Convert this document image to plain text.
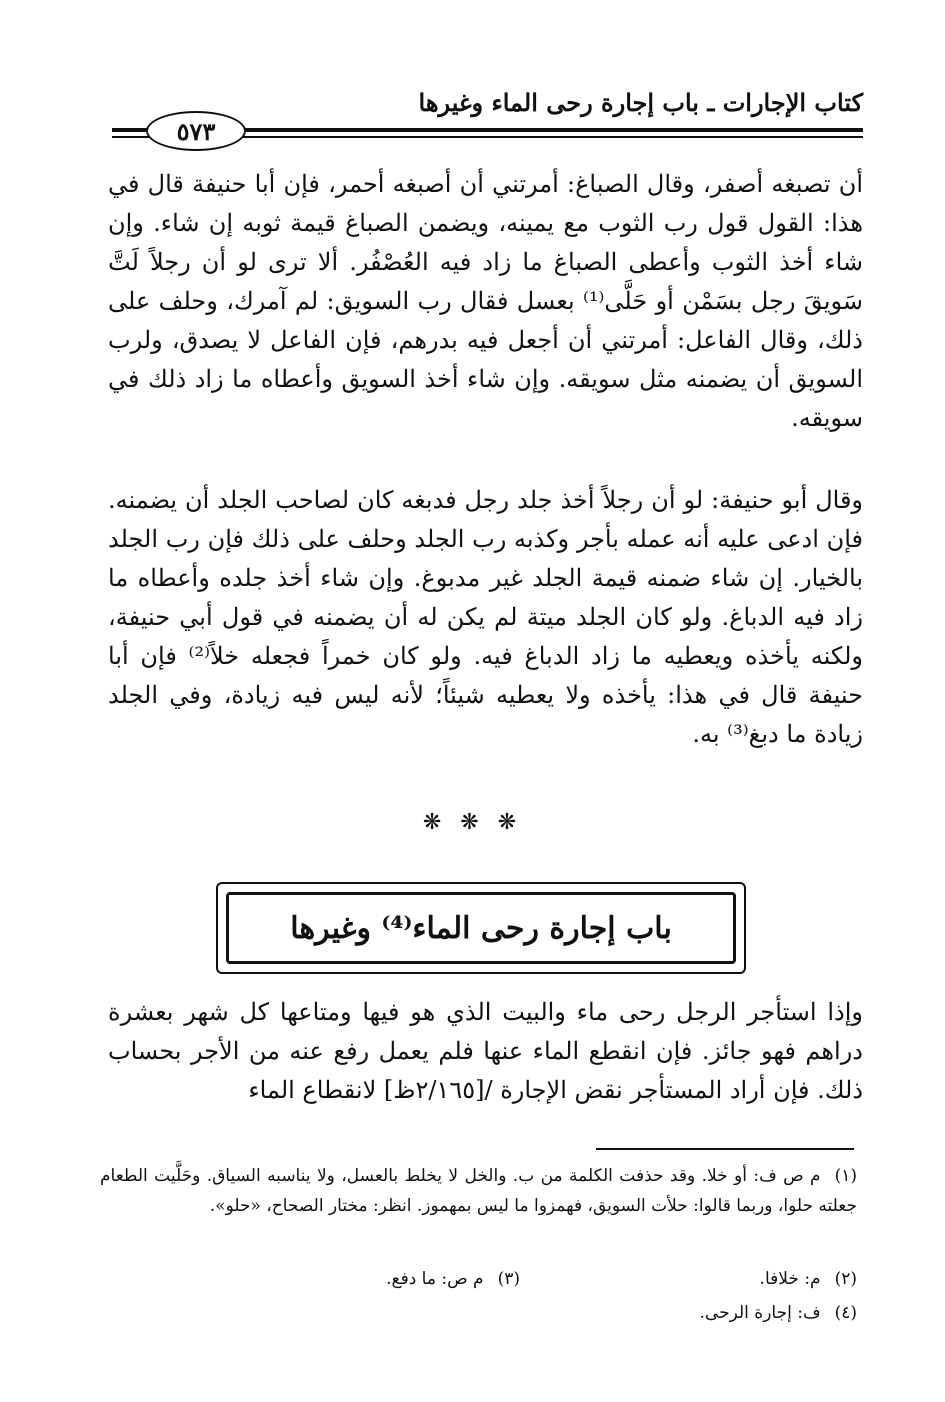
كتاب الإجارات ـ باب إجارة رحى الماء وغيرها
٥٧٣

أن تصبغه أصفر، وقال الصباغ: أمرتني أن أصبغه أحمر، فإن أبا حنيفة قال في هذا: القول قول رب الثوب مع يمينه، ويضمن الصباغ قيمة ثوبه إن شاء. وإن شاء أخذ الثوب وأعطى الصباغ ما زاد فيه العُصْفُر. ألا ترى لو أن رجلاً لَتَّ سَويقَ رجل بسَمْن أو حَلَّى⁽¹⁾ بعسل فقال رب السويق: لم آمرك، وحلف على ذلك، وقال الفاعل: أمرتني أن أجعل فيه بدرهم، فإن الفاعل لا يصدق، ولرب السويق أن يضمنه مثل سويقه. وإن شاء أخذ السويق وأعطاه ما زاد ذلك في سويقه.

وقال أبو حنيفة: لو أن رجلاً أخذ جلد رجل فدبغه كان لصاحب الجلد أن يضمنه. فإن ادعى عليه أنه عمله بأجر وكذبه رب الجلد وحلف على ذلك فإن رب الجلد بالخيار. إن شاء ضمنه قيمة الجلد غير مدبوغ. وإن شاء أخذ جلده وأعطاه ما زاد فيه الدباغ. ولو كان الجلد ميتة لم يكن له أن يضمنه في قول أبي حنيفة، ولكنه يأخذه ويعطيه ما زاد الدباغ فيه. ولو كان خمراً فجعله خلاً⁽²⁾ فإن أبا حنيفة قال في هذا: يأخذه ولا يعطيه شيئاً؛ لأنه ليس فيه زيادة، وفي الجلد زيادة ما دبغ⁽³⁾ به.

❋ ❋ ❋
باب إجارة رحى الماء⁽⁴⁾ وغيرها

وإذا استأجر الرجل رحى ماء والبيت الذي هو فيها ومتاعها كل شهر بعشرة دراهم فهو جائز. فإن انقطع الماء عنها فلم يعمل رفع عنه من الأجر بحساب ذلك. فإن أراد المستأجر نقض الإجارة /[٢/١٦٥ظ] لانقطاع الماء

(١)م ص ف: أو خلا. وقد حذفت الكلمة من ب. والخل لا يخلط بالعسل، ولا يناسبه السياق. وحَلَّيت الطعام جعلته حلوا، وربما قالوا: حلأت السويق، فهمزوا ما ليس بمهموز. انظر: مختار الصحاح، «حلو».

(٢)م: خلافا.

(٣)م ص: ما دفع.

(٤)ف: إجارة الرحى.
